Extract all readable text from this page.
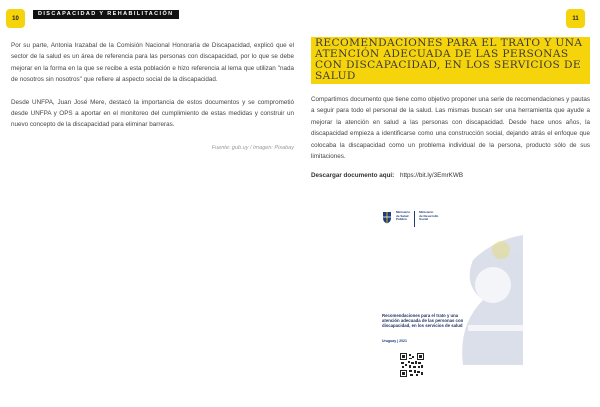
10
DISCAPACIDAD Y REHABILITACIÓN

Por su parte, Antonia Irazabal de la Comisión Nacional Honoraria de Discapacidad, explicó que el sector de la salud es un área de referencia para las personas con discapacidad, por lo que se debe mejorar en la forma en la que se recibe a esta población e hizo referencia al lema que utilizan "nada de nosotros sin nosotros" que refiere al aspecto social de la discapacidad.

Desde UNFPA, Juan José Mere, destacó la importancia de estos documentos y se comprometió desde UNFPA y OPS a aportar en el monitoreo del cumplimiento de estas medidas y construir un nuevo concepto de la discapacidad para eliminar barreras.

Fuente: gub.uy / Imagen: Pixabay
11
RECOMENDACIONES PARA EL TRATO Y UNA ATENCIÓN ADECUADA DE LAS PERSONAS CON DISCAPACIDAD, EN LOS SERVICIOS DE SALUD

Compartimos documento que tiene como objetivo proponer una serie de recomendaciones y pautas a seguir para todo el personal de la salud. Las mismas buscan ser una herramienta que ayude a mejorar la atención en salud a las personas con discapacidad. Desde hace unos años, la discapacidad empieza a identificarse como una construcción social, dejando atrás el enfoque que colocaba la discapacidad como un problema individual de la persona, producto sólo de sus limitaciones.

Descargar documento aquí: https://bit.ly/3EmrKWB
Ministerio
de Salud
Pública
Ministerio
de Desarrollo
Social
Recomendaciones para el trato y una atención adecuada de las personas con discapacidad, en los servicios de salud
Uruguay | 2021
